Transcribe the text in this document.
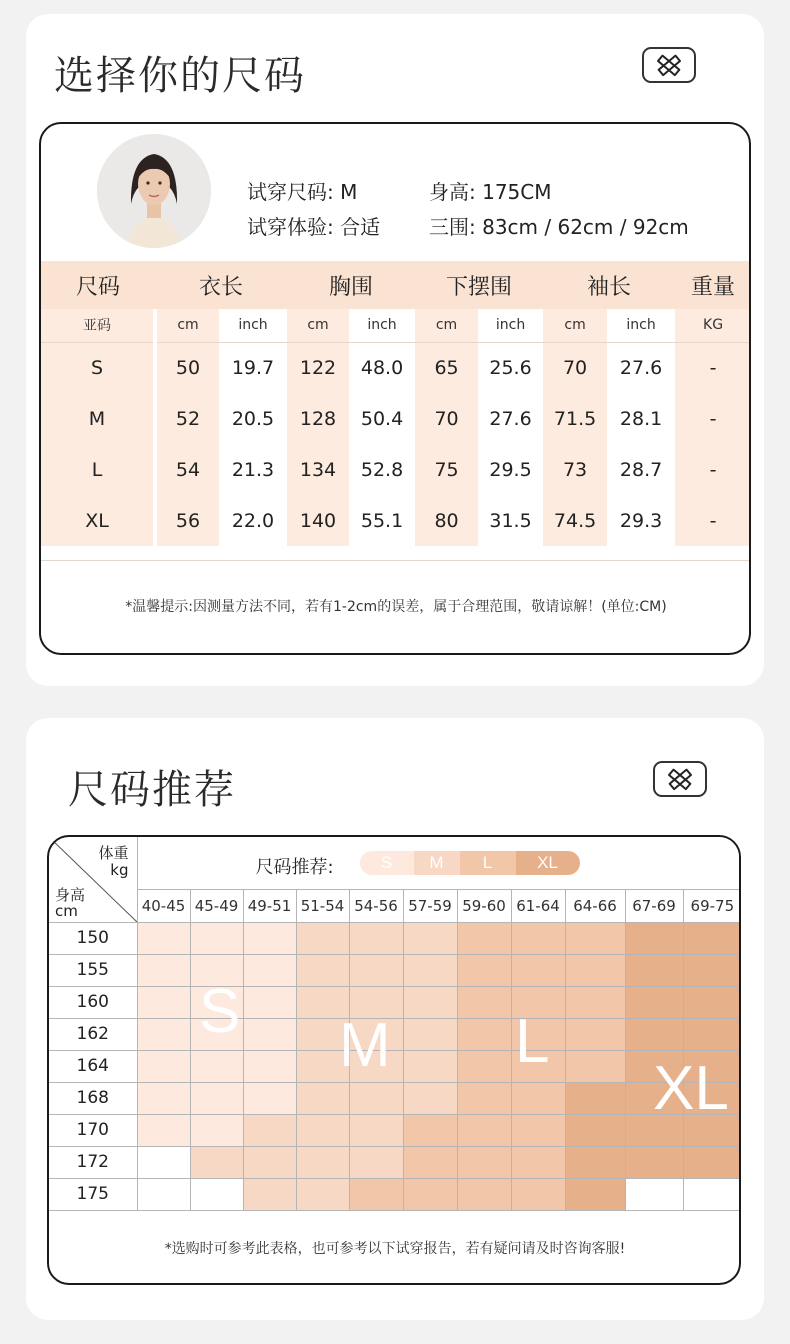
选择你的尺码
试穿尺码: M	身高: 175CM
试穿体验: 合适 三围: 83cm / 62cm / 92cm
尺码	衣长		胸围		下摆围		袖长		重量
亚码	cm	inch	cm	inch	cm	inch	cm	inch	KG
S	50	19.7	122	48.0	65	25.6	70	27.6	-
M	52	20.5	128	50.4	70	27.6	71.5	28.1	-
L	54	21.3	134	52.8	75	29.5	73	28.7	-
XL	56	22.0	140	55.1	80	31.5	74.5	29.3	-
*温馨提示:因测量方法不同，若有1-2cm的误差，属于合理范围，敬请谅解！(单位:CM)
尺码推荐
体重
kg
身高
cm	尺码推荐: S M L XL										

	40-45	45-49	49-51	51-54	54-56	57-59	59-60	61-64	64-66	67-69	69-75
150											
155											
160											
162											
164											
168											
170											
172											
175											
S M L
XL
*选购时可参考此表格，也可参考以下试穿报告，若有疑问请及时咨询客服!
